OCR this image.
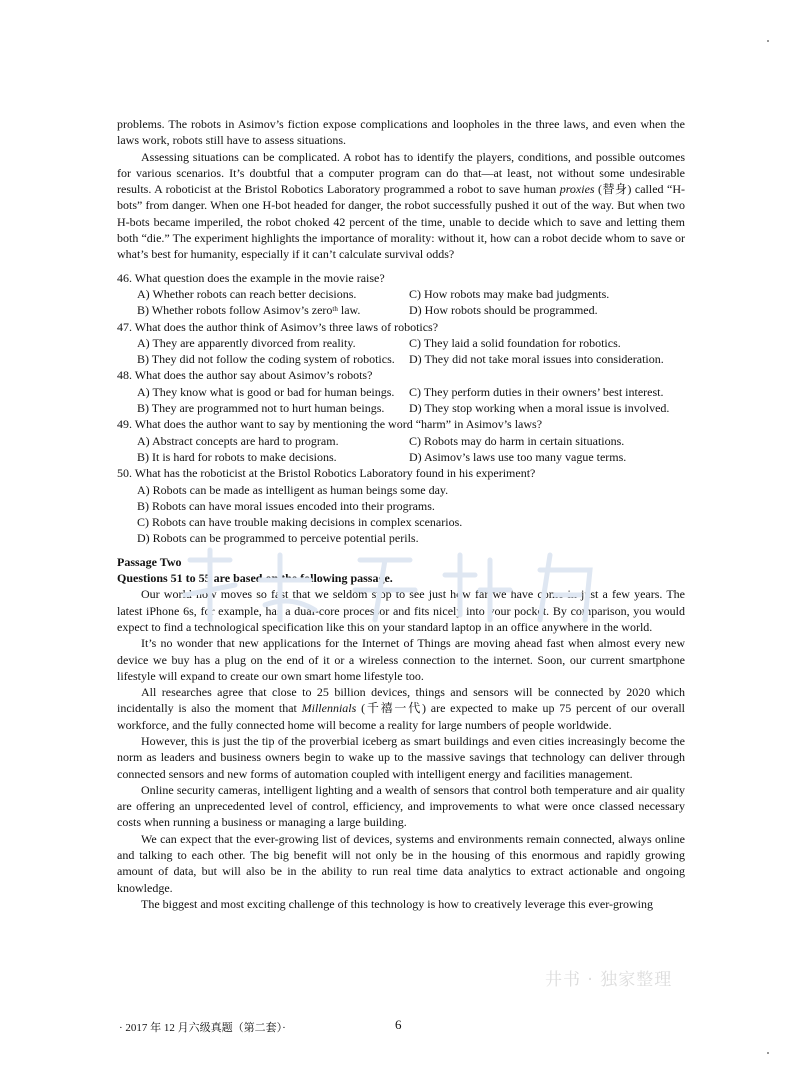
problems. The robots in Asimov’s fiction expose complications and loopholes in the three laws, and even when the laws work, robots still have to assess situations.

Assessing situations can be complicated. A robot has to identify the players, conditions, and possible outcomes for various scenarios. It’s doubtful that a computer program can do that—at least, not without some undesirable results. A roboticist at the Bristol Robotics Laboratory programmed a robot to save human proxies (替身) called “H-bots” from danger. When one H-bot headed for danger, the robot successfully pushed it out of the way. But when two H-bots became imperiled, the robot choked 42 percent of the time, unable to decide which to save and letting them both “die.” The experiment highlights the importance of morality: without it, how can a robot decide whom to save or what’s best for humanity, especially if it can’t calculate survival odds?

46. What question does the example in the movie raise?
A) Whether robots can reach better decisions.	C) How robots may make bad judgments.
B) Whether robots follow Asimov’s zero$^{th}$ law.	D) How robots should be programmed.
47. What does the author think of Asimov’s three laws of robotics?
A) They are apparently divorced from reality.	C) They laid a solid foundation for robotics.
B) They did not follow the coding system of robotics.	D) They did not take moral issues into consideration.
48. What does the author say about Asimov’s robots?
A) They know what is good or bad for human beings.	C) They perform duties in their owners’ best interest.
B) They are programmed not to hurt human beings.	D) They stop working when a moral issue is involved.
49. What does the author want to say by mentioning the word “harm” in Asimov’s laws?
A) Abstract concepts are hard to program.	C) Robots may do harm in certain situations.
B) It is hard for robots to make decisions.	D) Asimov’s laws use too many vague terms.
50. What has the roboticist at the Bristol Robotics Laboratory found in his experiment?
A) Robots can be made as intelligent as human beings some day.
B) Robots can have moral issues encoded into their programs.
C) Robots can have trouble making decisions in complex scenarios.
D) Robots can be programmed to perceive potential perils.
Passage Two
Questions 51 to 55 are based on the following passage.

Our world now moves so fast that we seldom stop to see just how far we have come in just a few years. The latest iPhone 6s, for example, has a dual-core processor and fits nicely into your pocket. By comparison, you would expect to find a technological specification like this on your standard laptop in an office anywhere in the world.

It’s no wonder that new applications for the Internet of Things are moving ahead fast when almost every new device we buy has a plug on the end of it or a wireless connection to the internet. Soon, our current smartphone lifestyle will expand to create our own smart home lifestyle too.

All researches agree that close to 25 billion devices, things and sensors will be connected by 2020 which incidentally is also the moment that Millennials (千禧一代) are expected to make up 75 percent of our overall workforce, and the fully connected home will become a reality for large numbers of people worldwide.

However, this is just the tip of the proverbial iceberg as smart buildings and even cities increasingly become the norm as leaders and business owners begin to wake up to the massive savings that technology can deliver through connected sensors and new forms of automation coupled with intelligent energy and facilities management.

Online security cameras, intelligent lighting and a wealth of sensors that control both temperature and air quality are offering an unprecedented level of control, efficiency, and improvements to what were once classed necessary costs when running a business or managing a large building.

We can expect that the ever-growing list of devices, systems and environments remain connected, always online and talking to each other. The big benefit will not only be in the housing of this enormous and rapidly growing amount of data, but will also be in the ability to run real time data analytics to extract actionable and ongoing knowledge.

The biggest and most exciting challenge of this technology is how to creatively leverage this ever-growing

井书 · 独家整理
· 2017 年 12 月六级真题（第二套）·	6
